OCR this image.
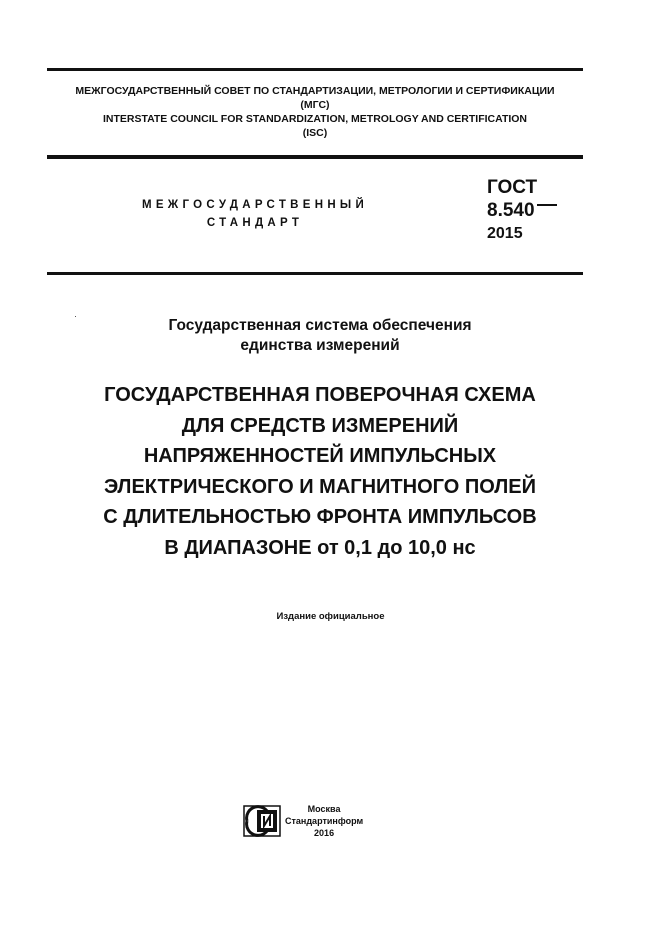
МЕЖГОСУДАРСТВЕННЫЙ СОВЕТ ПО СТАНДАРТИЗАЦИИ, МЕТРОЛОГИИ И СЕРТИФИКАЦИИ
(МГС)
INTERSTATE COUNCIL FOR STANDARDIZATION, METROLOGY AND CERTIFICATION
(ISC)
МЕЖГОСУДАРСТВЕННЫЙ
СТАНДАРТ
ГОСТ
8.540
2015
Государственная система обеспечения
единства измерений
ГОСУДАРСТВЕННАЯ ПОВЕРОЧНАЯ СХЕМА
ДЛЯ СРЕДСТВ ИЗМЕРЕНИЙ
НАПРЯЖЕННОСТЕЙ ИМПУЛЬСНЫХ
ЭЛЕКТРИЧЕСКОГО И МАГНИТНОГО ПОЛЕЙ
С ДЛИТЕЛЬНОСТЬЮ ФРОНТА ИМПУЛЬСОВ
В ДИАПАЗОНЕ от 0,1 до 10,0 нс
Издание официальное
Москва
Стандартинформ
2016
